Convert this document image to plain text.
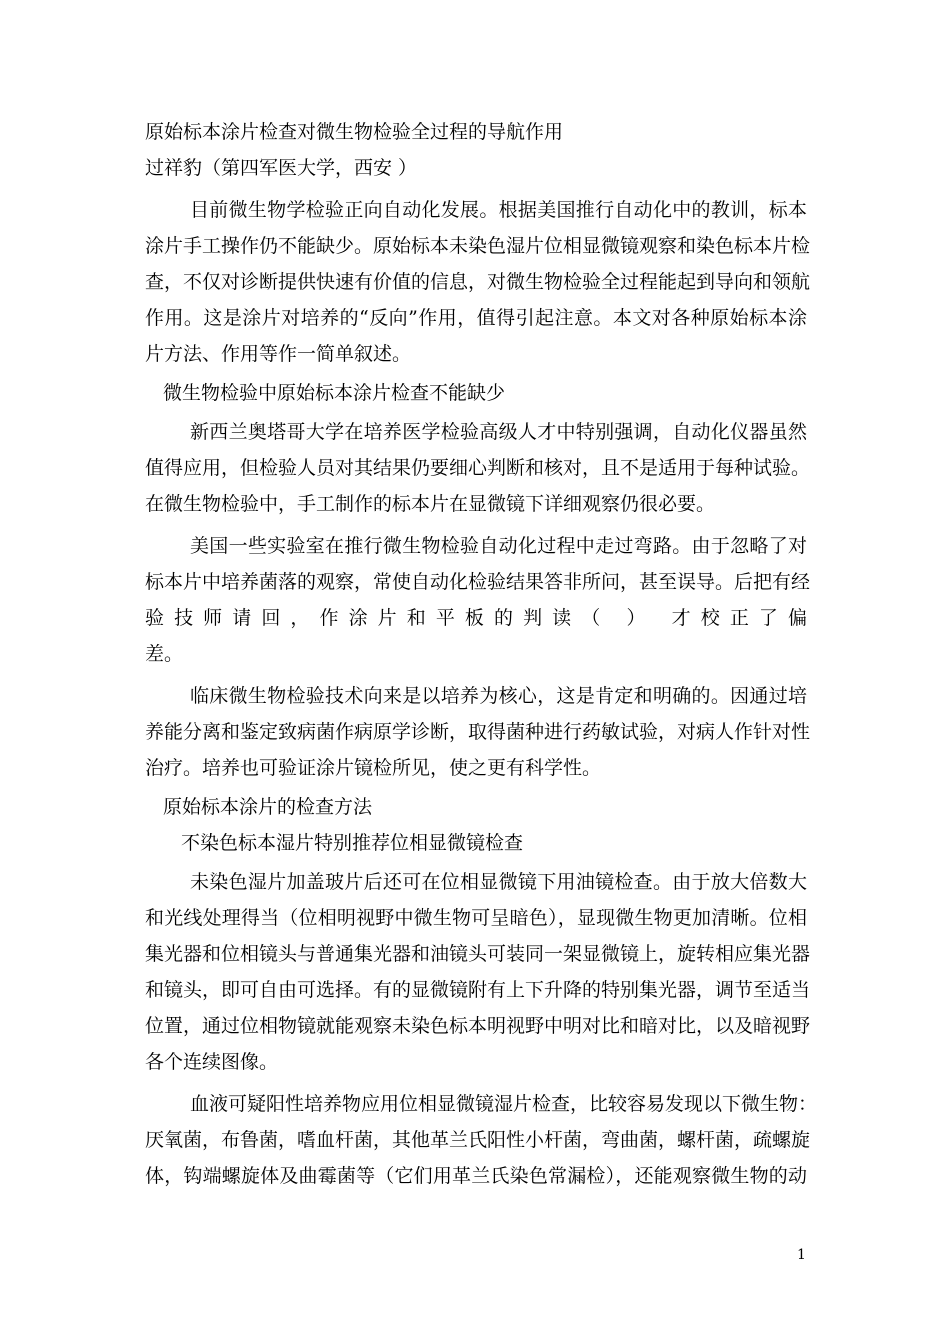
原始标本涂片检查对微生物检验全过程的导航作用
过祥豹（第四军医大学，西安 ）
目前微生物学检验正向自动化发展。根据美国推行自动化中的教训，标本
涂片手工操作仍不能缺少。原始标本未染色湿片位相显微镜观察和染色标本片检
查，不仅对诊断提供快速有价值的信息，对微生物检验全过程能起到导向和领航
作用。这是涂片对培养的“反向”作用，值得引起注意。本文对各种原始标本涂
片方法、作用等作一简单叙述。
微生物检验中原始标本涂片检查不能缺少
新西兰奥塔哥大学在培养医学检验高级人才中特别强调，自动化仪器虽然
值得应用，但检验人员对其结果仍要细心判断和核对，且不是适用于每种试验。
在微生物检验中，手工制作的标本片在显微镜下详细观察仍很必要。
美国一些实验室在推行微生物检验自动化过程中走过弯路。由于忽略了对
标本片中培养菌落的观察，常使自动化检验结果答非所问，甚至误导。后把有经
验技师请回，作涂片和平板的判读（ ） 才校正了偏
差。
临床微生物检验技术向来是以培养为核心，这是肯定和明确的。因通过培
养能分离和鉴定致病菌作病原学诊断，取得菌种进行药敏试验，对病人作针对性
治疗。培养也可验证涂片镜检所见，使之更有科学性。
原始标本涂片的检查方法
不染色标本湿片特别推荐位相显微镜检查
未染色湿片加盖玻片后还可在位相显微镜下用油镜检查。由于放大倍数大
和光线处理得当（位相明视野中微生物可呈暗色），显现微生物更加清晰。位相
集光器和位相镜头与普通集光器和油镜头可装同一架显微镜上，旋转相应集光器
和镜头，即可自由可选择。有的显微镜附有上下升降的特别集光器，调节至适当
位置，通过位相物镜就能观察未染色标本明视野中明对比和暗对比，以及暗视野
各个连续图像。
血液可疑阳性培养物应用位相显微镜湿片检查，比较容易发现以下微生物：
厌氧菌，布鲁菌，嗜血杆菌，其他革兰氏阳性小杆菌，弯曲菌，螺杆菌，疏螺旋
体，钩端螺旋体及曲霉菌等（它们用革兰氏染色常漏检），还能观察微生物的动
1
